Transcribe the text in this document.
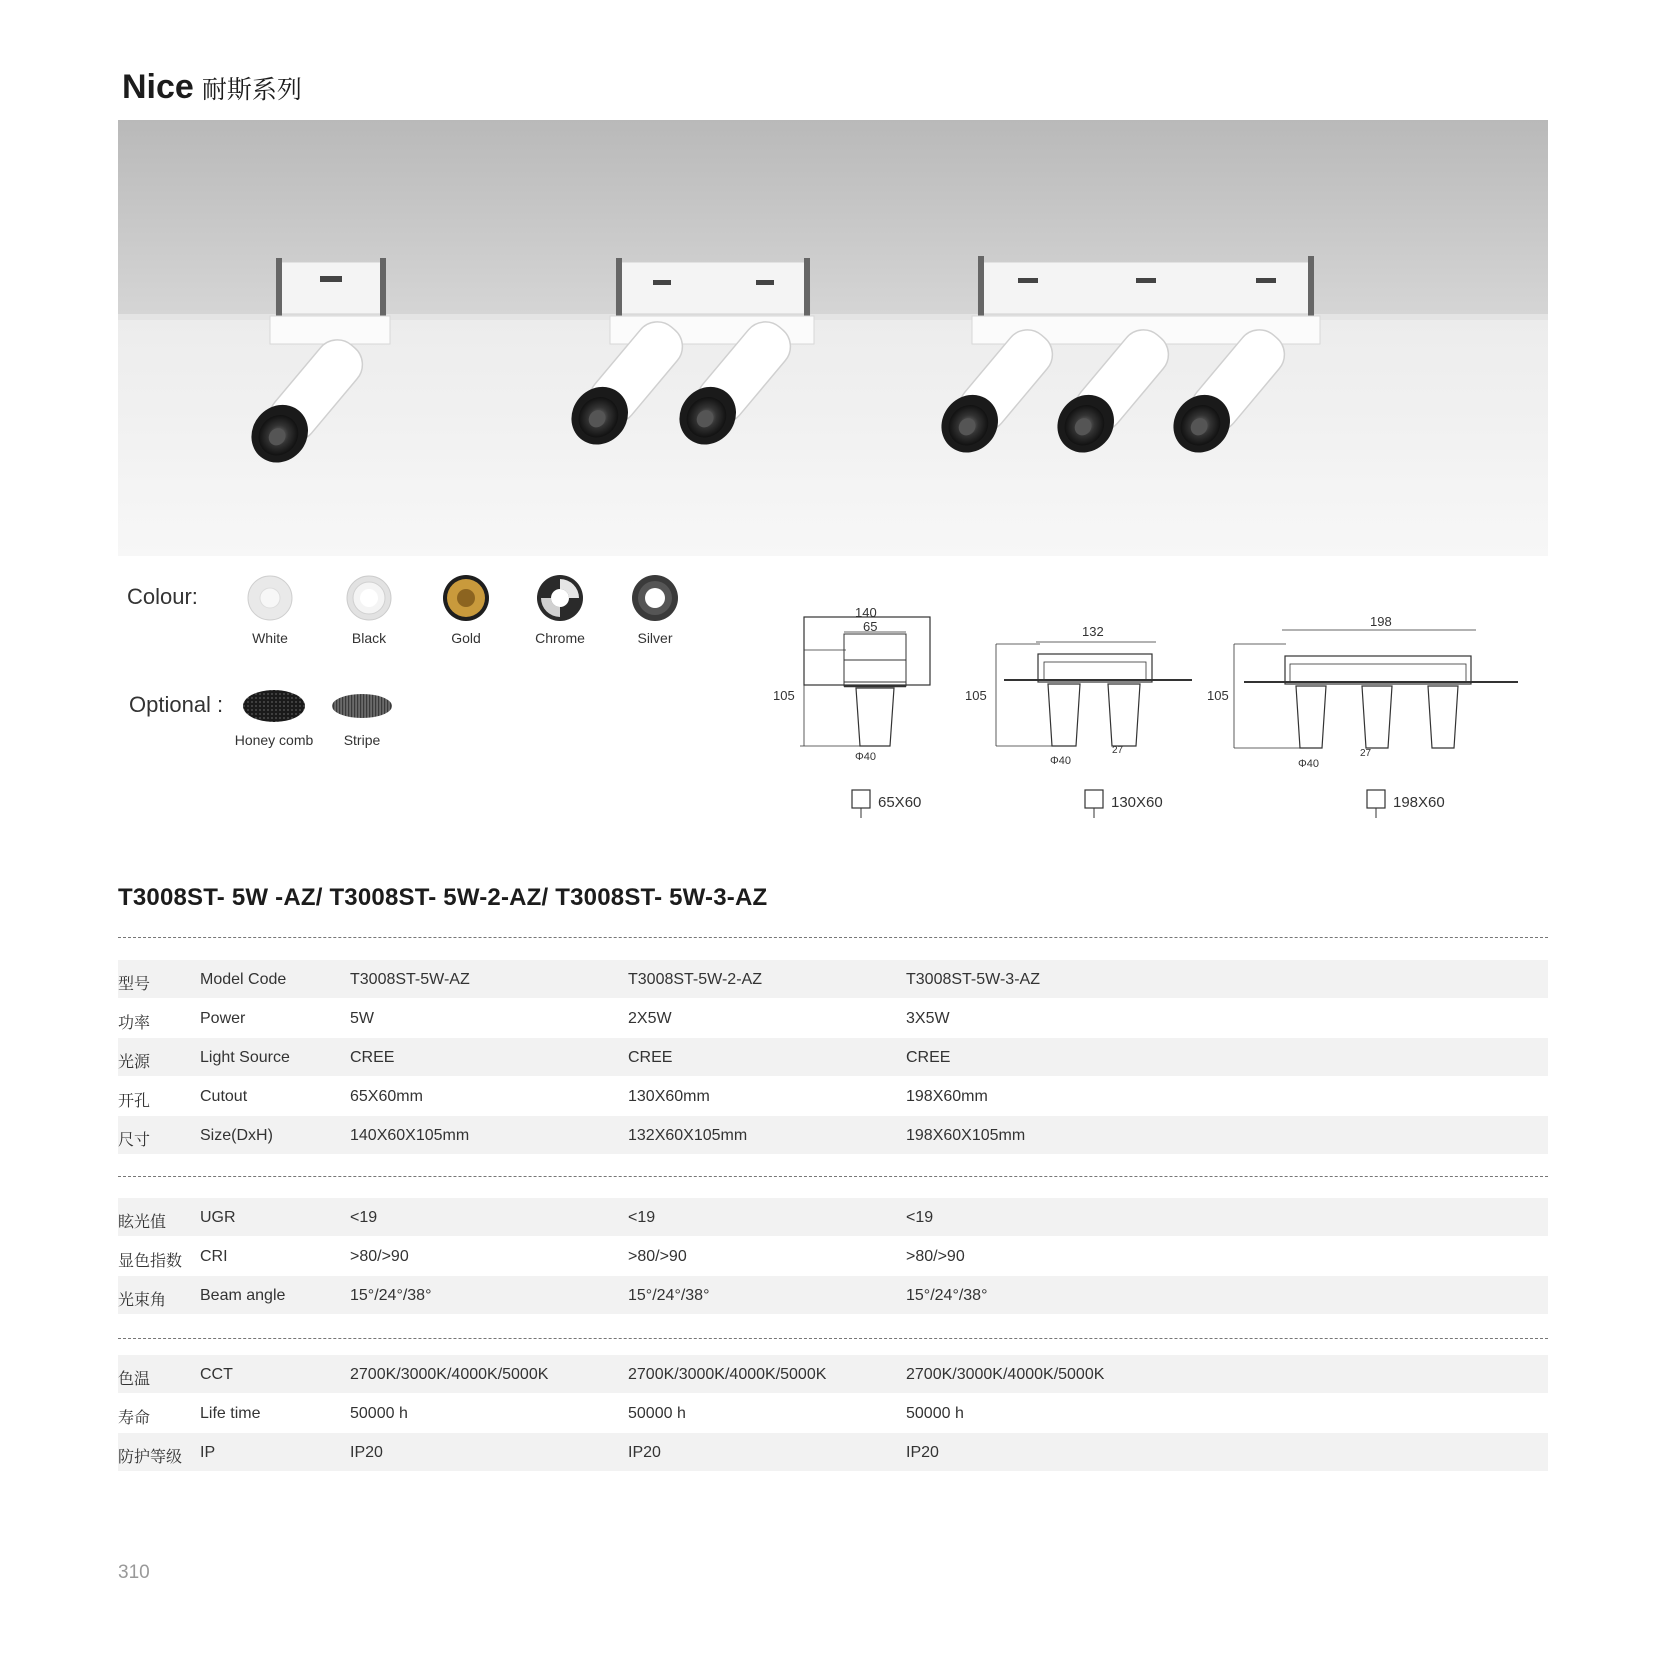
Nice 耐斯系列
Colour:
White	Black	Gold	Chrome	Silver
Optional :
Honey comb	Stripe
140
65
105
Φ40
65X60
132
105
Φ40
27
130X60
198
105
Φ40
27
198X60
T3008ST- 5W -AZ/ T3008ST- 5W-2-AZ/ T3008ST- 5W-3-AZ
型号	Model Code	T3008ST-5W-AZ	T3008ST-5W-2-AZ	T3008ST-5W-3-AZ
功率	Power	5W	2X5W	3X5W
光源	Light Source	CREE	CREE	CREE
开孔	Cutout	65X60mm	130X60mm	198X60mm
尺寸	Size(DxH)	140X60X105mm	132X60X105mm	198X60X105mm
眩光值 UGR	<19	<19	<19
显色指数 CRI	>80/>90	>80/>90	>80/>90
光束角 Beam angle	15°/24°/38°	15°/24°/38°	15°/24°/38°
色温	CCT	2700K/3000K/4000K/5000K	2700K/3000K/4000K/5000K	2700K/3000K/4000K/5000K
寿命	Life time	50000 h	50000 h	50000 h
防护等级 IP	IP20	IP20	IP20
310
